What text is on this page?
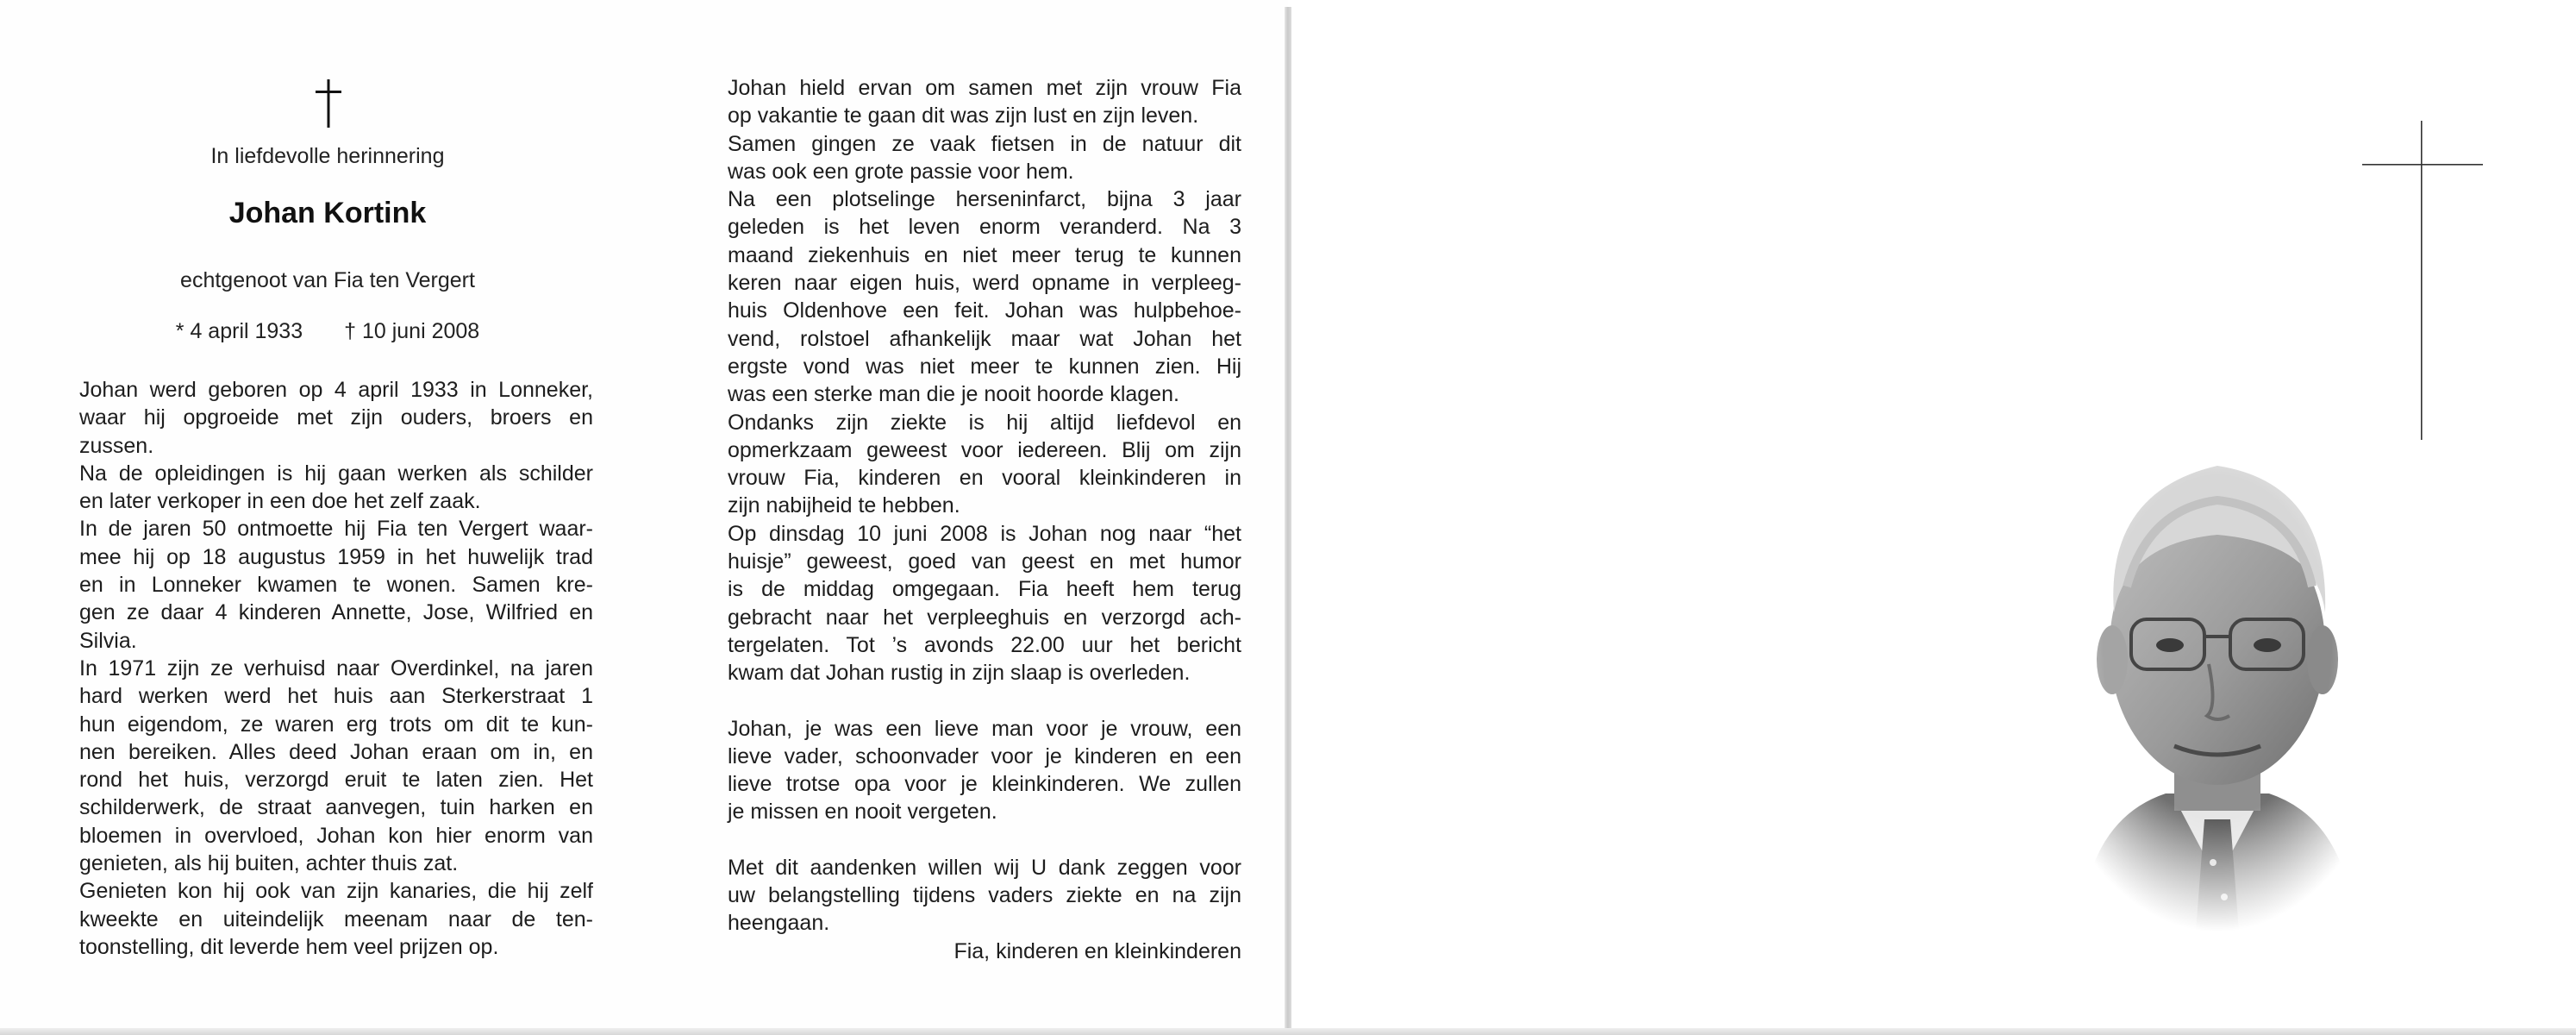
In liefdevolle herinnering
Johan Kortink
echtgenoot van Fia ten Vergert
* 4 april 1933 † 10 juni 2008
Johan werd geboren op 4 april 1933 in Lonneker,
waar hij opgroeide met zijn ouders, broers en
zussen.
Na de opleidingen is hij gaan werken als schilder
en later verkoper in een doe het zelf zaak.
In de jaren 50 ontmoette hij Fia ten Vergert waar-
mee hij op 18 augustus 1959 in het huwelijk trad
en in Lonneker kwamen te wonen. Samen kre-
gen ze daar 4 kinderen Annette, Jose, Wilfried en
Silvia.
In 1971 zijn ze verhuisd naar Overdinkel, na jaren
hard werken werd het huis aan Sterkerstraat 1
hun eigendom, ze waren erg trots om dit te kun-
nen bereiken. Alles deed Johan eraan om in, en
rond het huis, verzorgd eruit te laten zien. Het
schilderwerk, de straat aanvegen, tuin harken en
bloemen in overvloed, Johan kon hier enorm van
genieten, als hij buiten, achter thuis zat.
Genieten kon hij ook van zijn kanaries, die hij zelf
kweekte en uiteindelijk meenam naar de ten-
toonstelling, dit leverde hem veel prijzen op.
Johan hield ervan om samen met zijn vrouw Fia
op vakantie te gaan dit was zijn lust en zijn leven.
Samen gingen ze vaak fietsen in de natuur dit
was ook een grote passie voor hem.
Na een plotselinge herseninfarct, bijna 3 jaar
geleden is het leven enorm veranderd. Na 3
maand ziekenhuis en niet meer terug te kunnen
keren naar eigen huis, werd opname in verpleeg-
huis Oldenhove een feit. Johan was hulpbehoe-
vend, rolstoel afhankelijk maar wat Johan het
ergste vond was niet meer te kunnen zien. Hij
was een sterke man die je nooit hoorde klagen.
Ondanks zijn ziekte is hij altijd liefdevol en
opmerkzaam geweest voor iedereen. Blij om zijn
vrouw Fia, kinderen en vooral kleinkinderen in
zijn nabijheid te hebben.
Op dinsdag 10 juni 2008 is Johan nog naar “het
huisje” geweest, goed van geest en met humor
is de middag omgegaan. Fia heeft hem terug
gebracht naar het verpleeghuis en verzorgd ach-
tergelaten. Tot ’s avonds 22.00 uur het bericht
kwam dat Johan rustig in zijn slaap is overleden.
Johan, je was een lieve man voor je vrouw, een
lieve vader, schoonvader voor je kinderen en een
lieve trotse opa voor je kleinkinderen. We zullen
je missen en nooit vergeten.
Met dit aandenken willen wij U dank zeggen voor
uw belangstelling tijdens vaders ziekte en na zijn
heengaan.
Fia, kinderen en kleinkinderen
